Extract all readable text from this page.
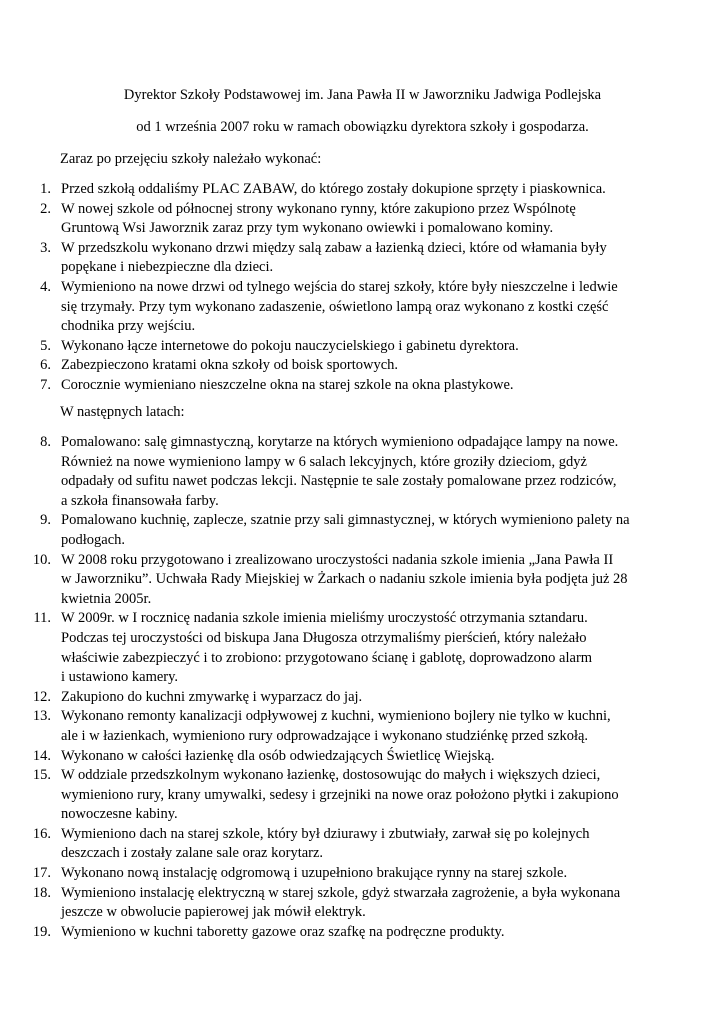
Dyrektor Szkoły Podstawowej im. Jana Pawła II w Jaworzniku Jadwiga Podlejska
od 1 września 2007 roku w ramach obowiązku dyrektora szkoły i gospodarza.
Zaraz po przejęciu szkoły należało wykonać:
1. Przed szkołą oddaliśmy PLAC ZABAW, do którego zostały dokupione sprzęty i piaskownica.
2. W nowej szkole od północnej strony wykonano rynny, które zakupiono przez Wspólnotę
Gruntową Wsi Jaworznik zaraz przy tym wykonano owiewki i pomalowano kominy.
3. W przedszkolu wykonano drzwi między salą zabaw a łazienką dzieci, które od włamania były
popękane i niebezpieczne dla dzieci.
4. Wymieniono na nowe drzwi od tylnego wejścia do starej szkoły, które były nieszczelne i ledwie
się trzymały. Przy tym wykonano zadaszenie, oświetlono lampą oraz wykonano z kostki część
chodnika przy wejściu.
5. Wykonano łącze internetowe do pokoju nauczycielskiego i gabinetu dyrektora.
6. Zabezpieczono kratami okna szkoły od boisk sportowych.
7. Corocznie wymieniano nieszczelne okna na starej szkole na okna plastykowe.
W następnych latach:
8. Pomalowano: salę gimnastyczną, korytarze na których wymieniono odpadające lampy na nowe.
Również na nowe wymieniono lampy w 6 salach lekcyjnych, które groziły dzieciom, gdyż
odpadały od sufitu nawet podczas lekcji. Następnie te sale zostały pomalowane przez rodziców,
a szkoła finansowała farby.
9. Pomalowano kuchnię, zaplecze, szatnie przy sali gimnastycznej, w których wymieniono palety na
podłogach.
10. W 2008 roku przygotowano i zrealizowano uroczystości nadania szkole imienia „Jana Pawła II
w Jaworzniku”. Uchwała Rady Miejskiej w Żarkach o nadaniu szkole imienia była podjęta już 28
kwietnia 2005r.
11. W 2009r. w I rocznicę nadania szkole imienia mieliśmy uroczystość otrzymania sztandaru.
Podczas tej uroczystości od biskupa Jana Długosza otrzymaliśmy pierścień, który należało
właściwie zabezpieczyć i to zrobiono: przygotowano ścianę i gablotę, doprowadzono alarm
i ustawiono kamery.
12. Zakupiono do kuchni zmywarkę i wyparzacz do jaj.
13. Wykonano remonty kanalizacji odpływowej z kuchni, wymieniono bojlery nie tylko w kuchni,
ale i w łazienkach, wymieniono rury odprowadzające i wykonano studziénkę przed szkołą.
14. Wykonano w całości łazienkę dla osób odwiedzających Świetlicę Wiejską.
15. W oddziale przedszkolnym wykonano łazienkę, dostosowując do małych i większych dzieci,
wymieniono rury, krany umywalki, sedesy i grzejniki na nowe oraz położono płytki i zakupiono
nowoczesne kabiny.
16. Wymieniono dach na starej szkole, który był dziurawy i zbutwiały, zarwał się po kolejnych
deszczach i zostały zalane sale oraz korytarz.
17. Wykonano nową instalację odgromową i uzupełniono brakujące rynny na starej szkole.
18. Wymieniono instalację elektryczną w starej szkole, gdyż stwarzała zagrożenie, a była wykonana
jeszcze w obwolucie papierowej jak mówił elektryk.
19. Wymieniono w kuchni taboretty gazowe oraz szafkę na podręczne produkty.
